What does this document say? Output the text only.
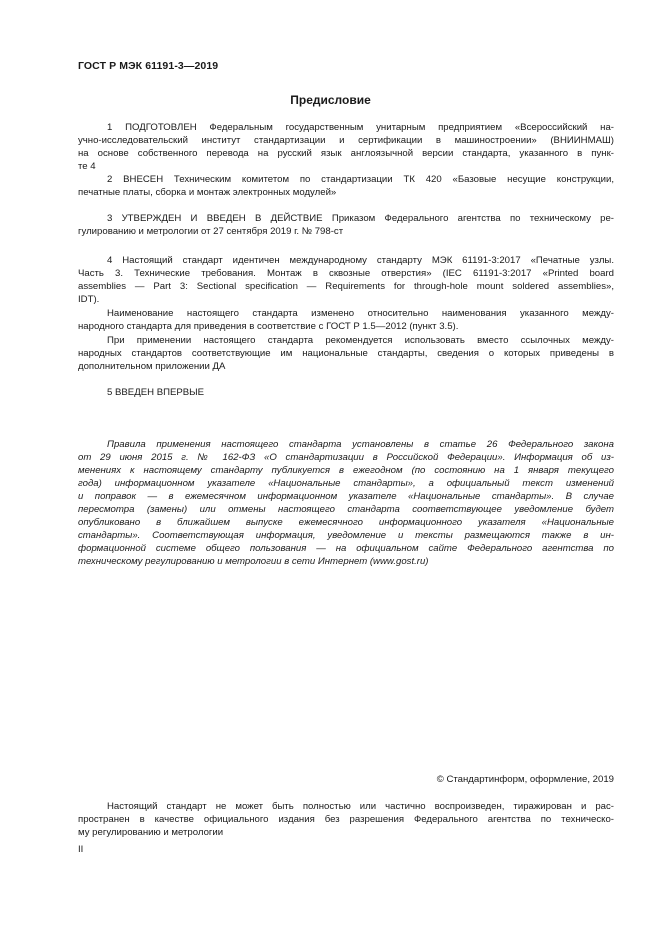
ГОСТ Р МЭК 61191-3—2019
Предисловие
1 ПОДГОТОВЛЕН Федеральным государственным унитарным предприятием «Всероссийский на-
учно-исследовательский институт стандартизации и сертификации в машиностроении» (ВНИИНМАШ)
на основе собственного перевода на русский язык англоязычной версии стандарта, указанного в пунк-
те 4
2 ВНЕСЕН Техническим комитетом по стандартизации ТК 420 «Базовые несущие конструкции,
печатные платы, сборка и монтаж электронных модулей»
3 УТВЕРЖДЕН И ВВЕДЕН В ДЕЙСТВИЕ Приказом Федерального агентства по техническому ре-
гулированию и метрологии от 27 сентября 2019 г. № 798-ст
4 Настоящий стандарт идентичен международному стандарту МЭК 61191-3:2017 «Печатные узлы.
Часть 3. Технические требования. Монтаж в сквозные отверстия» (IEC 61191-3:2017 «Printed board
assemblies — Part 3: Sectional specification — Requirements for through-hole mount soldered assemblies»,
IDT).
Наименование настоящего стандарта изменено относительно наименования указанного между-
народного стандарта для приведения в соответствие с ГОСТ Р 1.5—2012 (пункт 3.5).
При применении настоящего стандарта рекомендуется использовать вместо ссылочных между-
народных стандартов соответствующие им национальные стандарты, сведения о которых приведены в
дополнительном приложении ДА
5 ВВЕДЕН ВПЕРВЫЕ
Правила применения настоящего стандарта установлены в статье 26 Федерального закона
от 29 июня 2015 г. № 162-ФЗ «О стандартизации в Российской Федерации». Информация об из-
менениях к настоящему стандарту публикуется в ежегодном (по состоянию на 1 января текущего
года) информационном указателе «Национальные стандарты», а официальный текст изменений
и поправок — в ежемесячном информационном указателе «Национальные стандарты». В случае
пересмотра (замены) или отмены настоящего стандарта соответствующее уведомление будет
опубликовано в ближайшем выпуске ежемесячного информационного указателя «Национальные
стандарты». Соответствующая информация, уведомление и тексты размещаются также в ин-
формационной системе общего пользования — на официальном сайте Федерального агентства по
техническому регулированию и метрологии в сети Интернет (www.gost.ru)
© Стандартинформ, оформление, 2019
Настоящий стандарт не может быть полностью или частично воспроизведен, тиражирован и рас-
пространен в качестве официального издания без разрешения Федерального агентства по техническо-
му регулированию и метрологии
II
